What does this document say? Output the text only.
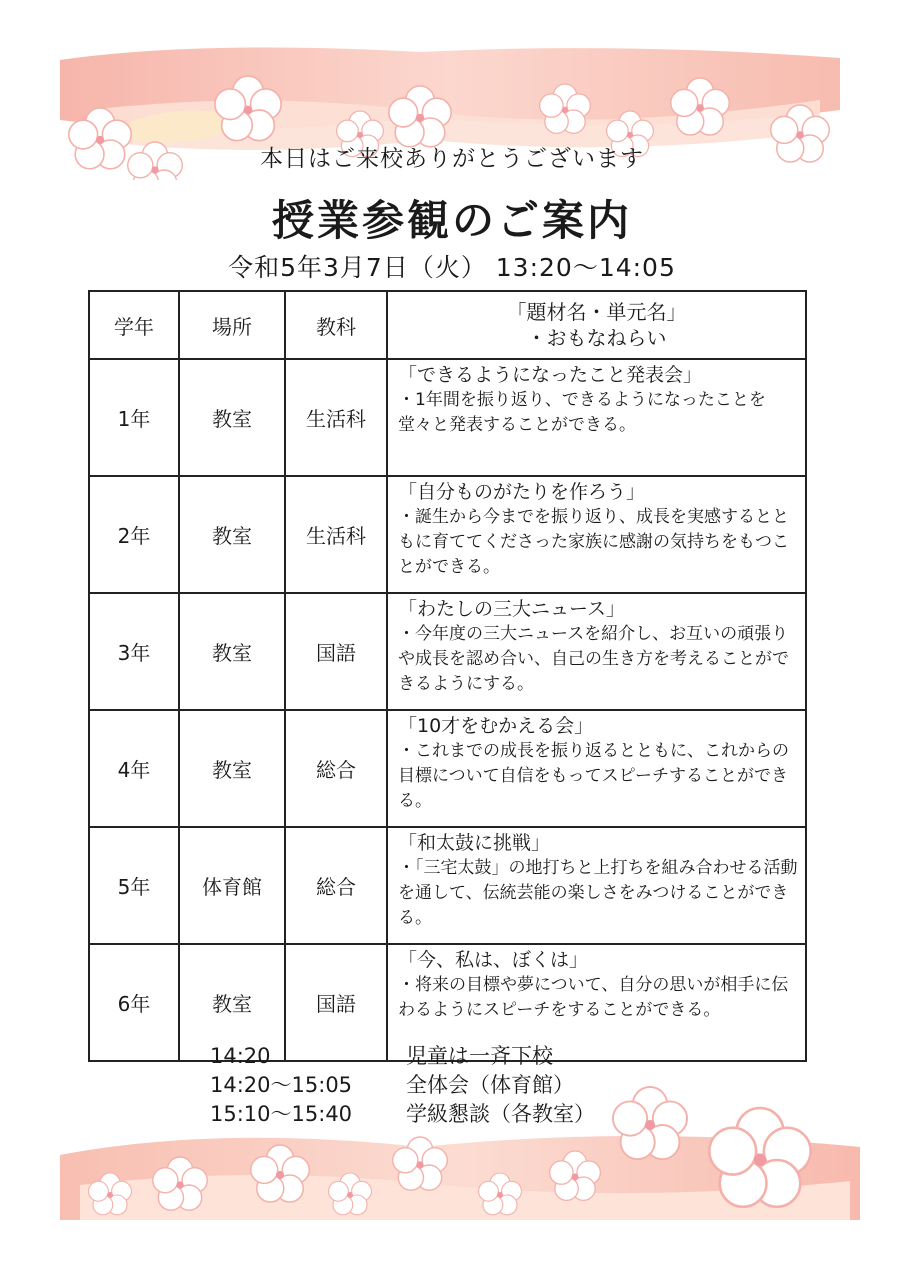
本日はご来校ありがとうございます
授業参観のご案内
令和5年3月7日（火） 13:20〜14:05
学年	場所	教科	「題材名・単元名」
・おもなねらい

1年	教室	生活科	「できるようになったこと発表会」
・1年間を振り返り、できるようになったことを堂々と発表することができる。

2年	教室	生活科	「自分ものがたりを作ろう」
・誕生から今までを振り返り、成長を実感するとともに育ててくださった家族に感謝の気持ちをもつことができる。

3年	教室	国語	「わたしの三大ニュース」
・今年度の三大ニュースを紹介し、お互いの頑張りや成長を認め合い、自己の生き方を考えることができるようにする。

4年	教室	総合	「10才をむかえる会」
・これまでの成長を振り返るとともに、これからの目標について自信をもってスピーチすることができる。

5年	体育館	総合	「和太鼓に挑戦」
・「三宅太鼓」の地打ちと上打ちを組み合わせる活動を通して、伝統芸能の楽しさをみつけることができる。

6年	教室	国語	「今、私は、ぼくは」
・将来の目標や夢について、自分の思いが相手に伝わるようにスピーチをすることができる。
14:20	児童は一斉下校
14:20〜15:05	全体会（体育館）
15:10〜15:40	学級懇談（各教室）
